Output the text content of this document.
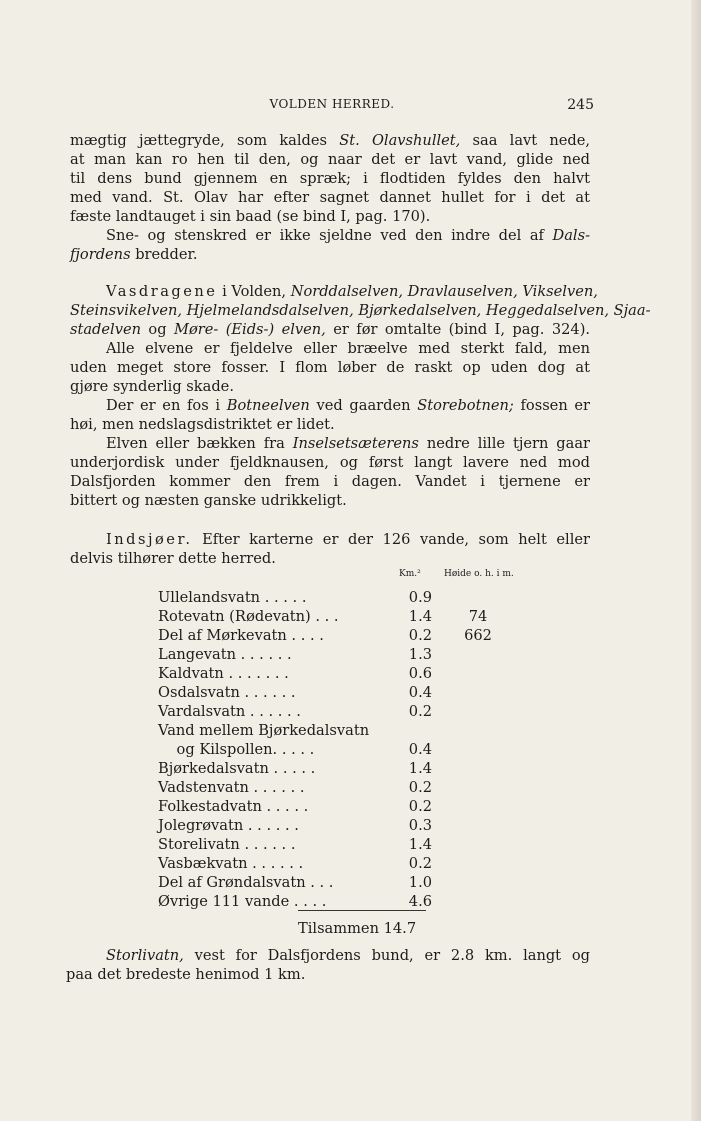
VOLDEN HERRED.	245
mægtig jættegryde, som kaldes St. Olavshullet, saa lavt nede,
at man kan ro hen til den, og naar det er lavt vand, glide ned
til dens bund gjennem en spræk; i flodtiden fyldes den halvt
med vand. St. Olav har efter sagnet dannet hullet for i det at
fæste landtauget i sin baad (se bind I, pag. 170).
Sne- og stenskred er ikke sjeldne ved den indre del af Dals-
fjordens bredder.
Vasdragene i Volden, Norddalselven, Dravlauselven, Vikselven,
Steinsvikelven, Hjelmelandsdalselven, Bjørkedalselven, Heggedalselven, Sjaa-
stadelven og Møre- (Eids-) elven, er før omtalte (bind I, pag. 324).
Alle elvene er fjeldelve eller bræelve med sterkt fald, men
uden meget store fosser. I flom løber de raskt op uden dog at
gjøre synderlig skade.
Der er en fos i Botneelven ved gaarden Storebotnen; fossen er
høi, men nedslagsdistriktet er lidet.
Elven eller bækken fra Inselsetsæterens nedre lille tjern gaar
underjordisk under fjeldknausen, og først langt lavere ned mod
Dalsfjorden kommer den frem i dagen. Vandet i tjernene er
bittert og næsten ganske udrikkeligt.
Indsjøer. Efter karterne er der 126 vande, som helt eller
delvis tilhører dette herred.
Km.²	Høide o. h. i m.
Ullelandsvatn . . . . .	0.9
Rotevatn (Rødevatn) . . .	1.4	74
Del af Mørkevatn . . . .	0.2	662
Langevatn . . . . . .	1.3
Kaldvatn . . . . . . .	0.6
Osdalsvatn . . . . . .	0.4
Vardalsvatn . . . . . .	0.2
Vand mellem Bjørkedalsvatn
og Kilspollen. . . . .	0.4
Bjørkedalsvatn . . . . .	1.4
Vadstenvatn . . . . . .	0.2
Folkestadvatn . . . . .	0.2
Jolegrøvatn . . . . . .	0.3
Storelivatn . . . . . .	1.4
Vasbækvatn . . . . . .	0.2
Del af Grøndalsvatn . . .	1.0
Øvrige 111 vande . . . .	4.6
Tilsammen 14.7
Storlivatn, vest for Dalsfjordens bund, er 2.8 km. langt og
paa det bredeste henimod 1 km.
